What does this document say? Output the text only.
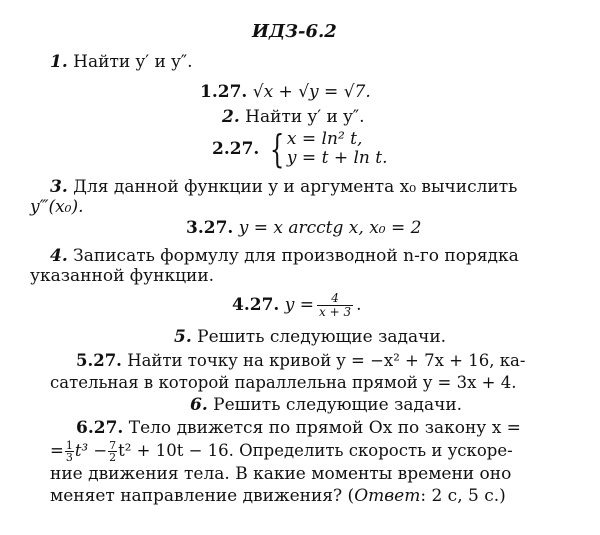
ИДЗ-6.2
1. Найти y′ и y″.
1.27. √x + √y = √7.
2. Найти y′ и y″.
2.27. { x = ln² t,
y = t + ln t.
3. Для данной функции y и аргумента x₀ вычислить
y‴(x₀).
3.27. y = x arcctg x, x₀ = 2
4. Записать формулу для производной n-го порядка
указанной функции.
4.27. $y = \frac{4}{x + 3}$ .
5. Решить следующие задачи.
5.27. Найти точку на кривой y = −x² + 7x + 16, ка-
сательная в которой параллельна прямой y = 3x + 4.
6. Решить следующие задачи.
6.27. Тело движется по прямой Ox по закону x =
= $\frac{1}{3} t^3 - \frac{7}{2} t^2 + 10t - 16$. Определить скорость и ускоре-
ние движения тела. В какие моменты времени оно
меняет направление движения? (Ответ: 2 с, 5 с.)
